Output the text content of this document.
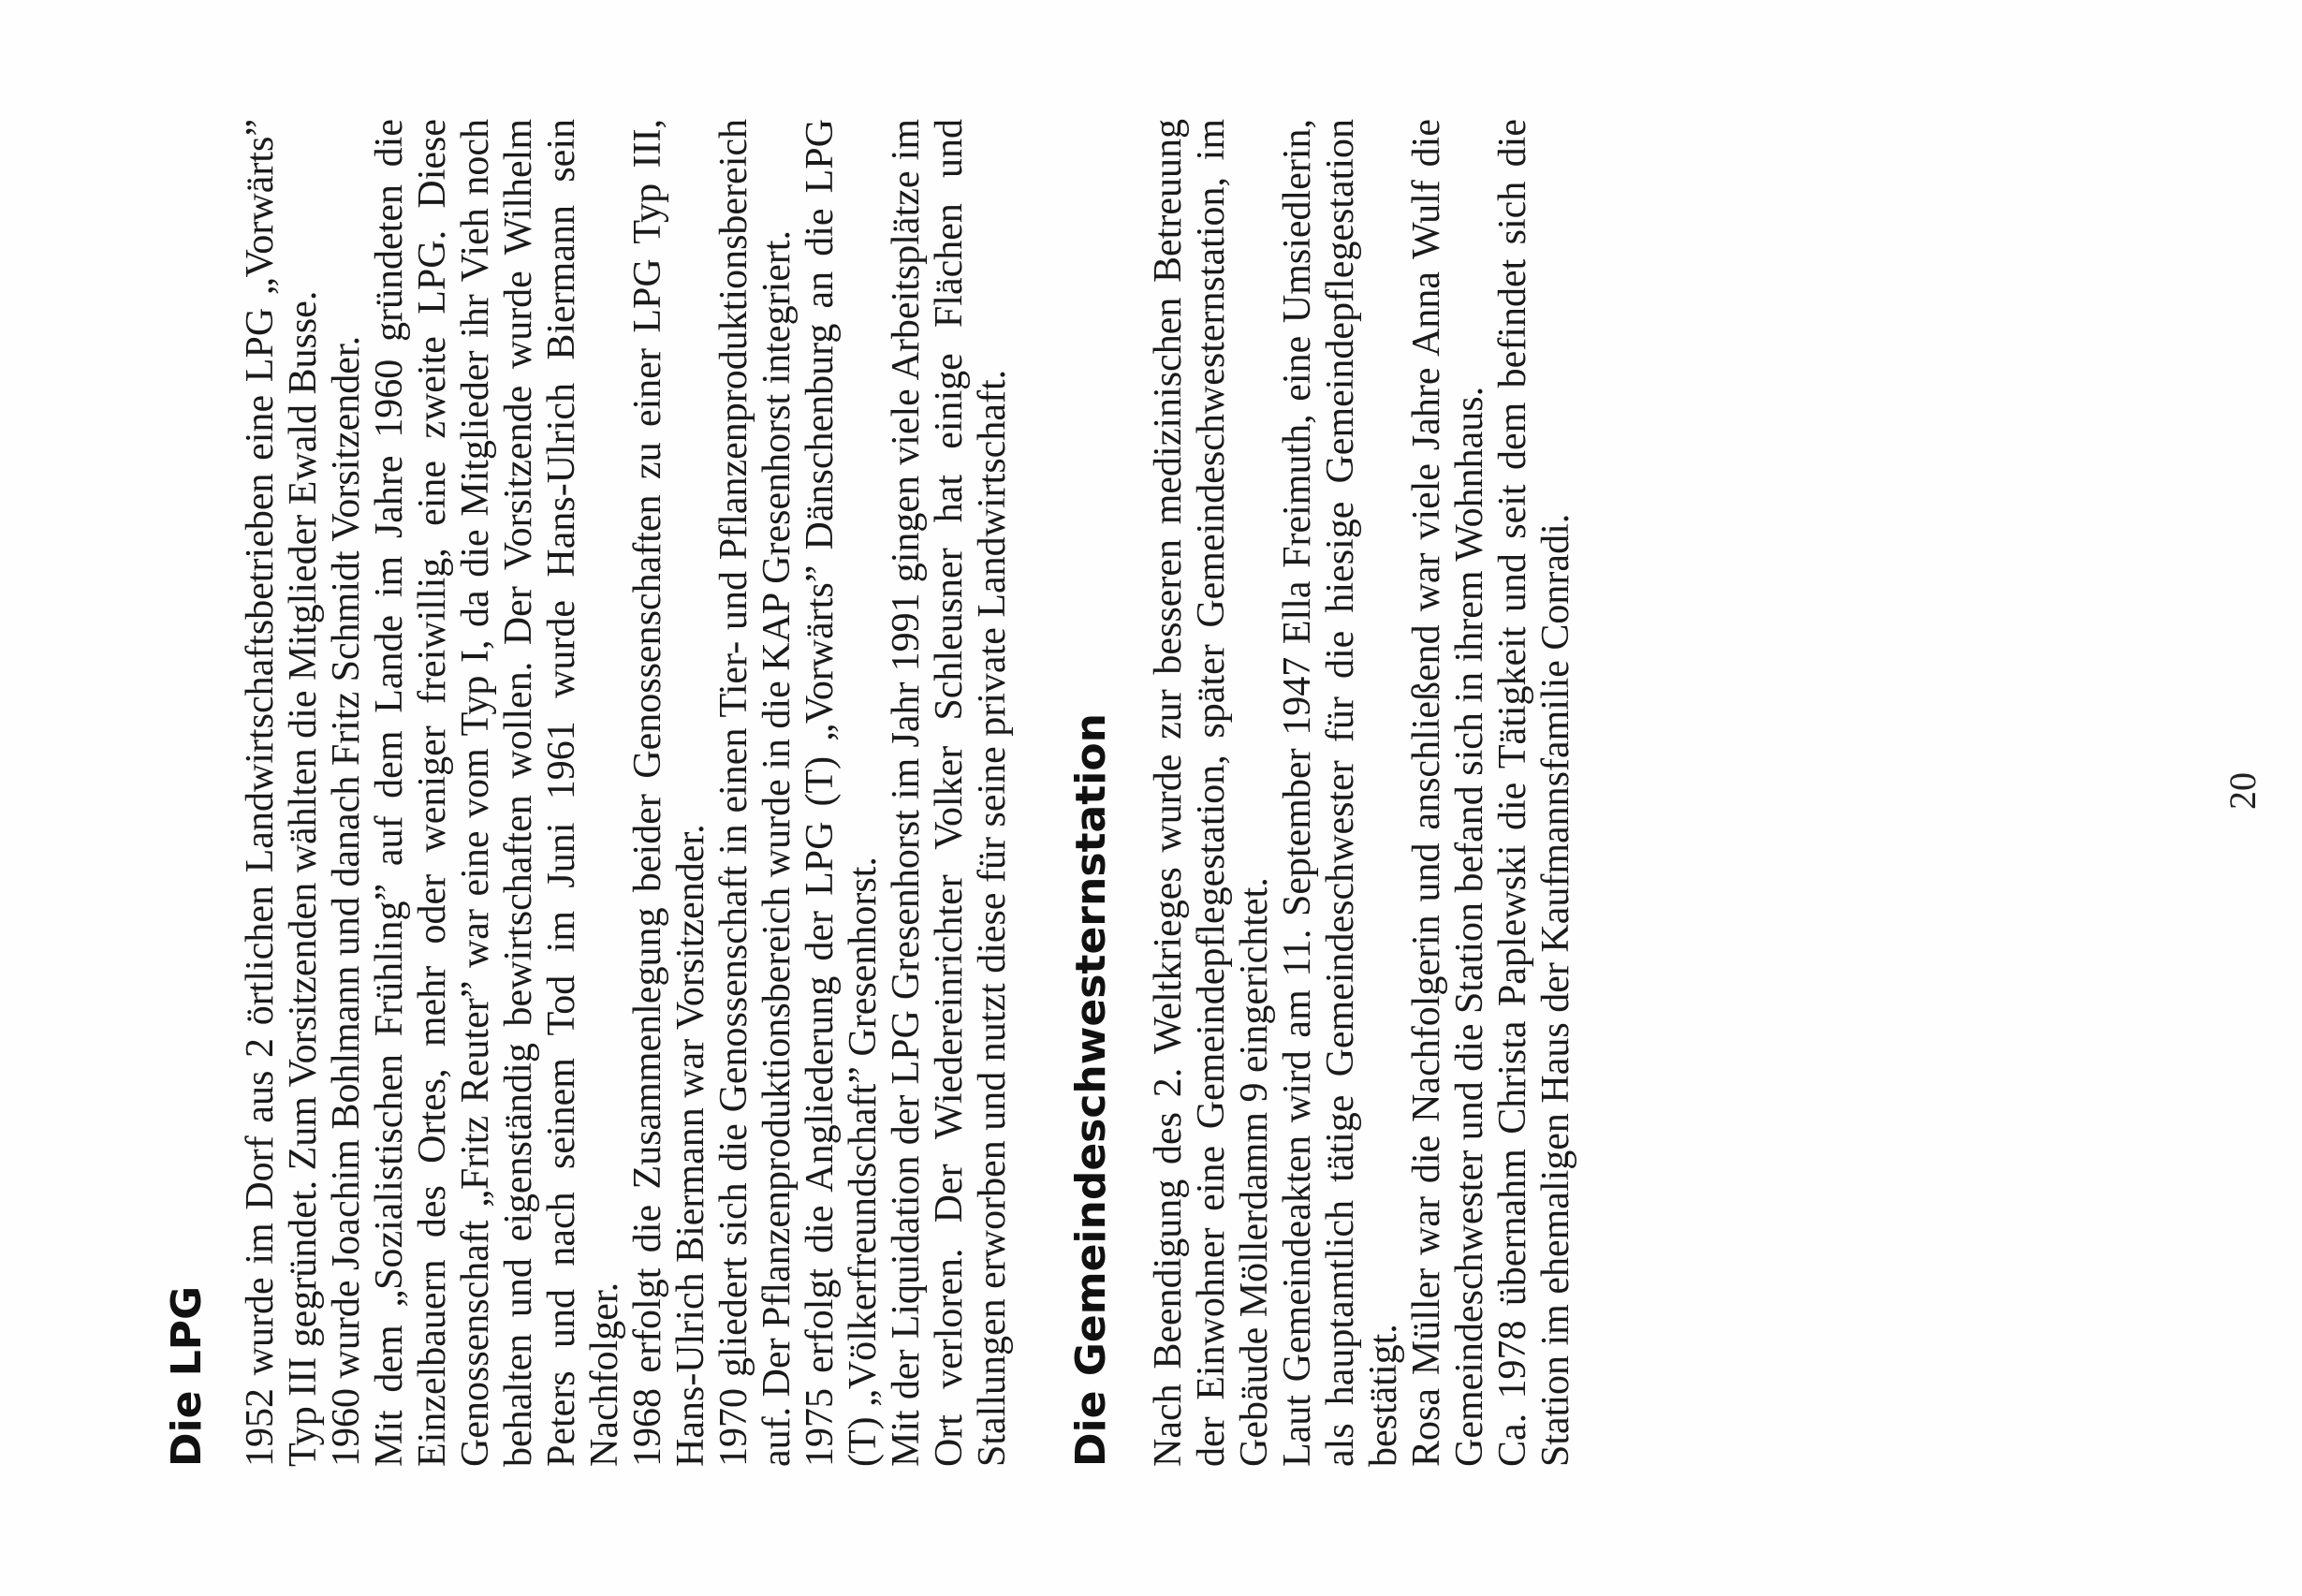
Die LPG 1952 wurde im Dorf aus 2 örtlichen Landwirtschaftsbetrieben eine LPG „Vorwärts” Typ III gegründet. Zum Vorsitzenden wählten die Mitglieder Ewald Busse. 1960 wurde Joachim Bohlmann und danach Fritz Schmidt Vorsitzender. Mit dem „Sozialistischen Frühling” auf dem Lande im Jahre 1960 gründeten die Einzelbauern des Ortes, mehr oder weniger freiwillig, eine zweite LPG. Diese Genossenschaft „Fritz Reuter” war eine vom Typ I, da die Mitglieder ihr Vieh noch behalten und eigenständig bewirtschaften wollen. Der Vorsitzende wurde Wilhelm Peters und nach seinem Tod im Juni 1961 wurde Hans-Ulrich Biermann sein Nachfolger. 1968 erfolgt die Zusammenlegung beider Genossenschaften zu einer LPG Typ III, Hans-Ulrich Biermann war Vorsitzender. 1970 gliedert sich die Genossenschaft in einen Tier- und Pflanzenproduktionsbereich auf. Der Pflanzenproduktionsbereich wurde in die KAP Gresenhorst integriert. 1975 erfolgt die Angliederung der LPG (T) „Vorwärts” Dänschenburg an die LPG (T) „Völkerfreundschaft” Gresenhorst. Mit der Liquidation der LPG Gresenhorst im Jahr 1991 gingen viele Arbeitsplätze im Ort verloren. Der Wiedereinrichter Volker Schleusner hat einige Flächen und Stallungen erworben und nutzt diese für seine private Landwirtschaft. Die Gemeindeschwesternstation Nach Beendigung des 2. Weltkrieges wurde zur besseren medizinischen Betreuung der Einwohner eine Gemeindepflegestation, später Gemeindeschwesternstation, im Gebäude Möllerdamm 9 eingerichtet. Laut Gemeindeakten wird am 11. September 1947 Ella Freimuth, eine Umsiedlerin, als hauptamtlich tätige Gemeindeschwester für die hiesige Gemeindepflegestation bestätigt. Rosa Müller war die Nachfolgerin und anschließend war viele Jahre Anna Wulf die Gemeindeschwester und die Station befand sich in ihrem Wohnhaus. Ca. 1978 übernahm Christa Paplewski die Tätigkeit und seit dem befindet sich die Station im ehemaligen Haus der Kaufmannsfamilie Conradi.	20
